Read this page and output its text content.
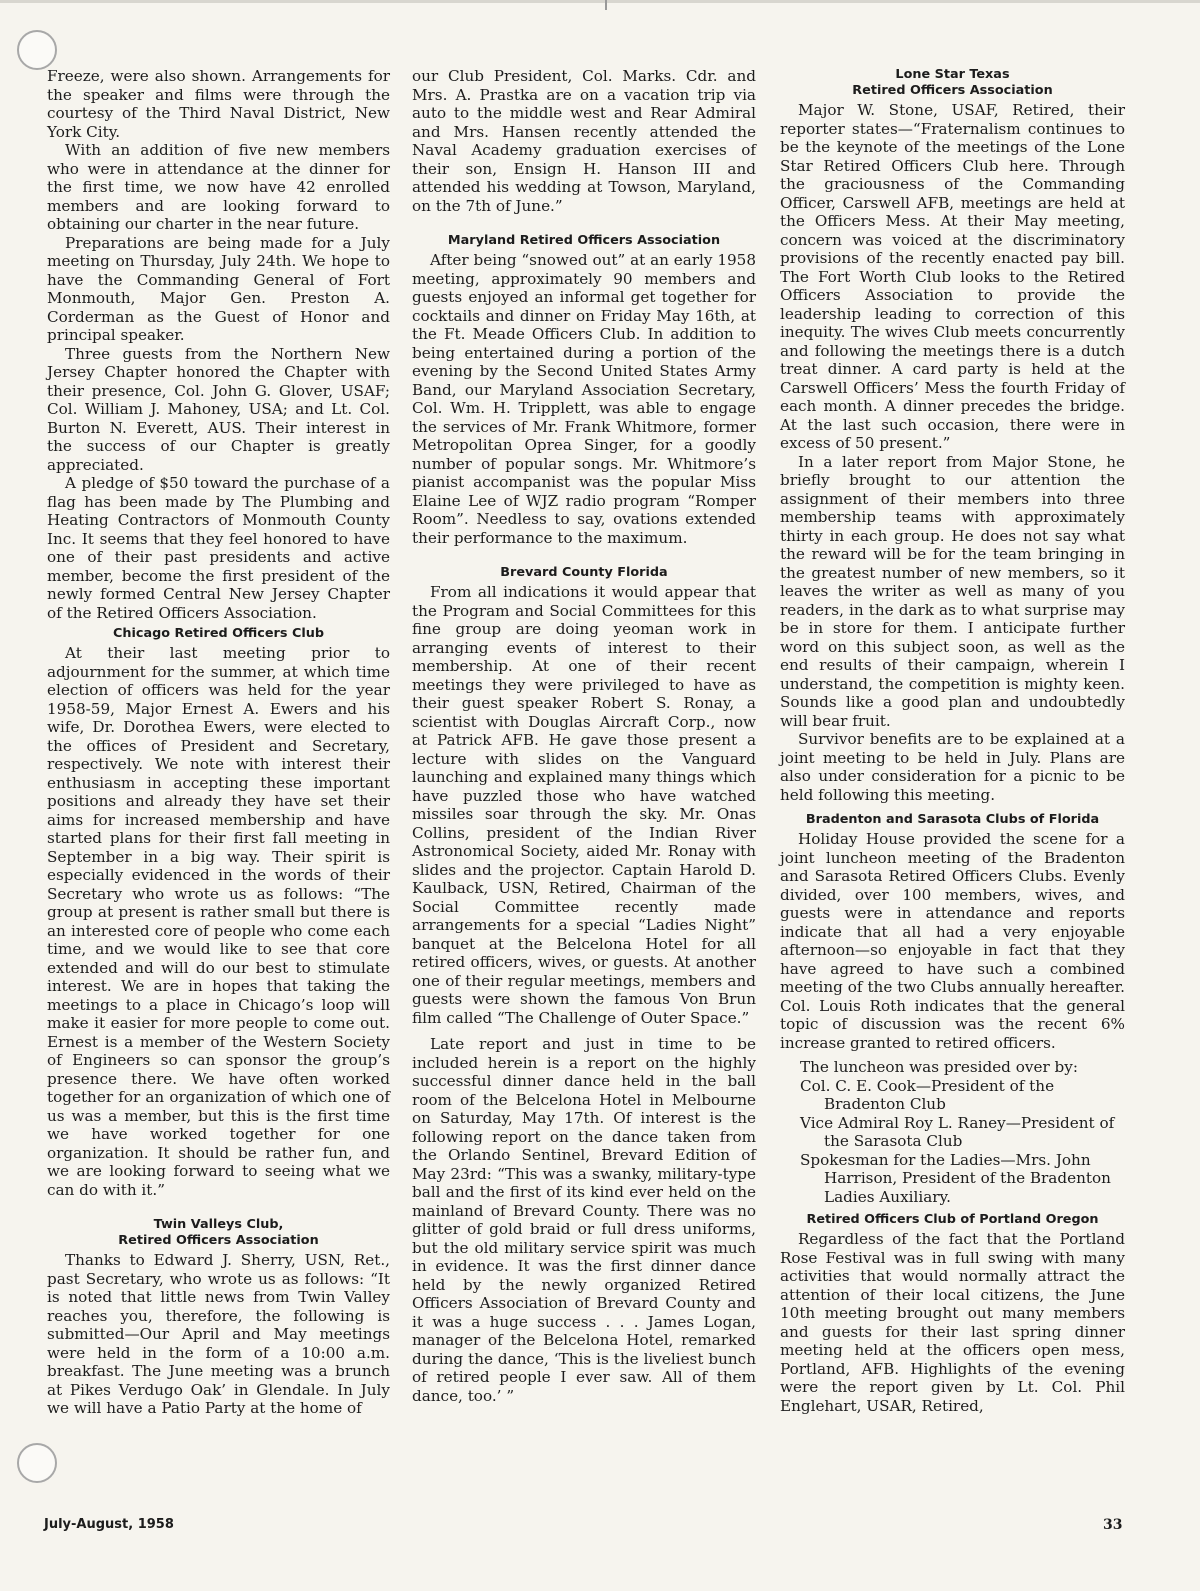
Freeze, were also shown. Arrangements for the speaker and films were through the courtesy of the Third Naval District, New York City.

With an addition of five new members who were in attendance at the dinner for the first time, we now have 42 enrolled members and are looking forward to obtaining our charter in the near future.

Preparations are being made for a July meeting on Thursday, July 24th. We hope to have the Commanding General of Fort Monmouth, Major Gen. Preston A. Corderman as the Guest of Honor and principal speaker.

Three guests from the Northern New Jersey Chapter honored the Chapter with their presence, Col. John G. Glover, USAF; Col. William J. Mahoney, USA; and Lt. Col. Burton N. Everett, AUS. Their interest in the success of our Chapter is greatly appreciated.

A pledge of $50 toward the purchase of a flag has been made by The Plumbing and Heating Contractors of Monmouth County Inc. It seems that they feel honored to have one of their past presidents and active member, become the first president of the newly formed Central New Jersey Chapter of the Retired Officers Association.

Chicago Retired Officers Club

At their last meeting prior to adjournment for the summer, at which time election of officers was held for the year 1958-59, Major Ernest A. Ewers and his wife, Dr. Dorothea Ewers, were elected to the offices of President and Secretary, respectively. We note with interest their enthusiasm in accepting these important positions and already they have set their aims for increased membership and have started plans for their first fall meeting in September in a big way. Their spirit is especially evidenced in the words of their Secretary who wrote us as follows: “The group at present is rather small but there is an interested core of people who come each time, and we would like to see that core extended and will do our best to stimulate interest. We are in hopes that taking the meetings to a place in Chicago’s loop will make it easier for more people to come out. Ernest is a member of the Western Society of Engineers so can sponsor the group’s presence there. We have often worked together for an organization of which one of us was a member, but this is the first time we have worked together for one organization. It should be rather fun, and we are looking forward to seeing what we can do with it.”

Twin Valleys Club,
Retired Officers Association

Thanks to Edward J. Sherry, USN, Ret., past Secretary, who wrote us as follows: “It is noted that little news from Twin Valley reaches you, therefore, the following is submitted—Our April and May meetings were held in the form of a 10:00 a.m. breakfast. The June meeting was a brunch at Pikes Verdugo Oak’ in Glendale. In July we will have a Patio Party at the home of

our Club President, Col. Marks. Cdr. and Mrs. A. Prastka are on a vacation trip via auto to the middle west and Rear Admiral and Mrs. Hansen recently attended the Naval Academy graduation exercises of their son, Ensign H. Hanson III and attended his wedding at Towson, Maryland, on the 7th of June.”

Maryland Retired Officers Association

After being “snowed out” at an early 1958 meeting, approximately 90 members and guests enjoyed an informal get together for cocktails and dinner on Friday May 16th, at the Ft. Meade Officers Club. In addition to being entertained during a portion of the evening by the Second United States Army Band, our Maryland Association Secretary, Col. Wm. H. Tripplett, was able to engage the services of Mr. Frank Whitmore, former Metropolitan Oprea Singer, for a goodly number of popular songs. Mr. Whitmore’s pianist accompanist was the popular Miss Elaine Lee of WJZ radio program “Romper Room”. Needless to say, ovations extended their performance to the maximum.

Brevard County Florida

From all indications it would appear that the Program and Social Committees for this fine group are doing yeoman work in arranging events of interest to their membership. At one of their recent meetings they were privileged to have as their guest speaker Robert S. Ronay, a scientist with Douglas Aircraft Corp., now at Patrick AFB. He gave those present a lecture with slides on the Vanguard launching and explained many things which have puzzled those who have watched missiles soar through the sky. Mr. Onas Collins, president of the Indian River Astronomical Society, aided Mr. Ronay with slides and the projector. Captain Harold D. Kaulback, USN, Retired, Chairman of the Social Committee recently made arrangements for a special “Ladies Night” banquet at the Belcelona Hotel for all retired officers, wives, or guests. At another one of their regular meetings, members and guests were shown the famous Von Brun film called “The Challenge of Outer Space.”

Late report and just in time to be included herein is a report on the highly successful dinner dance held in the ball room of the Belcelona Hotel in Melbourne on Saturday, May 17th. Of interest is the following report on the dance taken from the Orlando Sentinel, Brevard Edition of May 23rd: “This was a swanky, military-type ball and the first of its kind ever held on the mainland of Brevard County. There was no glitter of gold braid or full dress uniforms, but the old military service spirit was much in evidence. It was the first dinner dance held by the newly organized Retired Officers Association of Brevard County and it was a huge success . . . James Logan, manager of the Belcelona Hotel, remarked during the dance, ‘This is the liveliest bunch of retired people I ever saw. All of them dance, too.’ ”

Lone Star Texas
Retired Officers Association

Major W. Stone, USAF, Retired, their reporter states—“Fraternalism continues to be the keynote of the meetings of the Lone Star Retired Officers Club here. Through the graciousness of the Commanding Officer, Carswell AFB, meetings are held at the Officers Mess. At their May meeting, concern was voiced at the discriminatory provisions of the recently enacted pay bill. The Fort Worth Club looks to the Retired Officers Association to provide the leadership leading to correction of this inequity. The wives Club meets concurrently and following the meetings there is a dutch treat dinner. A card party is held at the Carswell Officers’ Mess the fourth Friday of each month. A dinner precedes the bridge. At the last such occasion, there were in excess of 50 present.”

In a later report from Major Stone, he briefly brought to our attention the assignment of their members into three membership teams with approximately thirty in each group. He does not say what the reward will be for the team bringing in the greatest number of new members, so it leaves the writer as well as many of you readers, in the dark as to what surprise may be in store for them. I anticipate further word on this subject soon, as well as the end results of their campaign, wherein I understand, the competition is mighty keen. Sounds like a good plan and undoubtedly will bear fruit.

Survivor benefits are to be explained at a joint meeting to be held in July. Plans are also under consideration for a picnic to be held following this meeting.

Bradenton and Sarasota Clubs of Florida

Holiday House provided the scene for a joint luncheon meeting of the Bradenton and Sarasota Retired Officers Clubs. Evenly divided, over 100 members, wives, and guests were in attendance and reports indicate that all had a very enjoyable afternoon—so enjoyable in fact that they have agreed to have such a combined meeting of the two Clubs annually hereafter. Col. Louis Roth indicates that the general topic of discussion was the recent 6% increase granted to retired officers.

The luncheon was presided over by:
Col. C. E. Cook—President of the Bradenton Club
Vice Admiral Roy L. Raney—President of the Sarasota Club
Spokesman for the Ladies—Mrs. John Harrison, President of the Bradenton Ladies Auxiliary.
Retired Officers Club of Portland Oregon

Regardless of the fact that the Portland Rose Festival was in full swing with many activities that would normally attract the attention of their local citizens, the June 10th meeting brought out many members and guests for their last spring dinner meeting held at the officers open mess, Portland, AFB. Highlights of the evening were the report given by Lt. Col. Phil Englehart, USAR, Retired,

July-August, 1958	33
